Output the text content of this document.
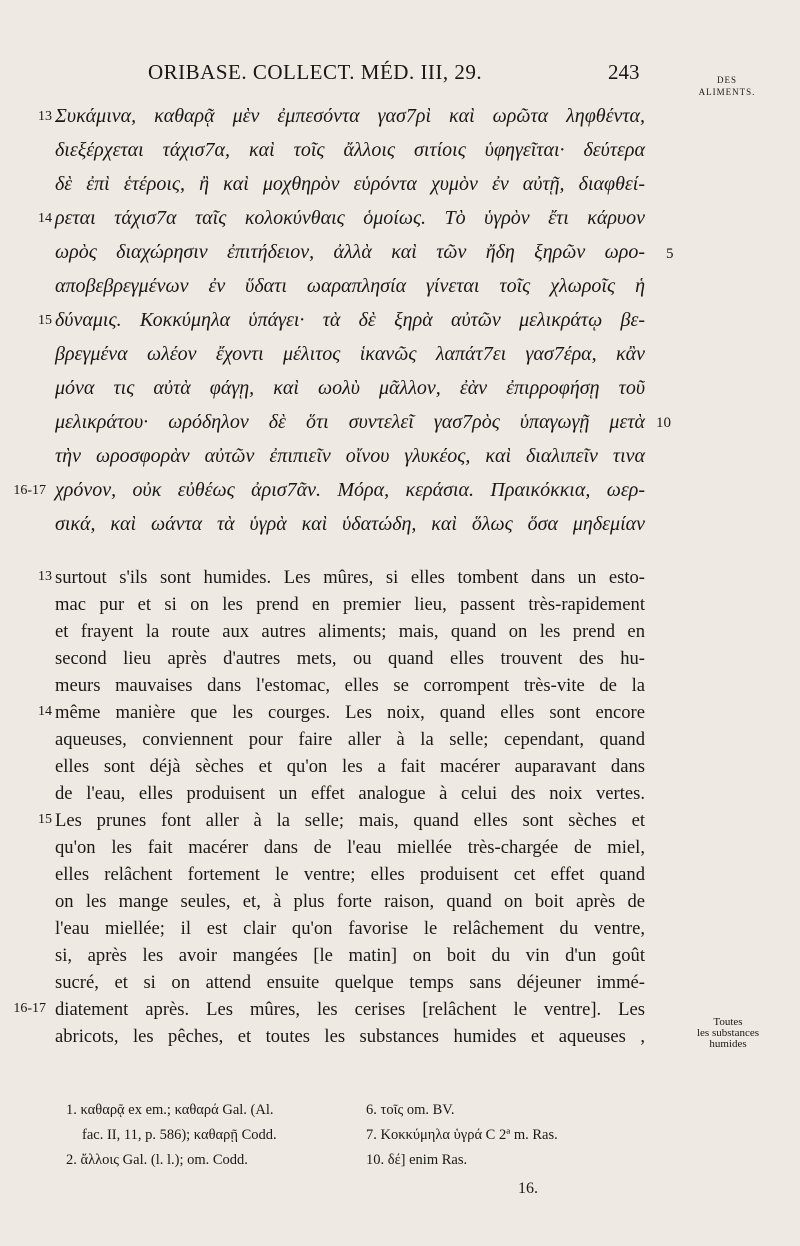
ORIBASE. COLLECT. MÉD. III, 29.	243	DES
ALIMENTS.
13 Συκάμινα, καθαρᾷ μὲν ἐμπεσόντα γασ7ρὶ καὶ ωρῶτα ληφθέντα,
διεξέρχεται τάχισ7α, καὶ τοῖς ἄλλοις σιτίοις ὑφηγεῖται· δεύτερα
δὲ ἐπὶ ἑτέροις, ἢ καὶ μοχθηρὸν εὑρόντα χυμὸν ἐν αὐτῇ, διαφθεί-
14 ρεται τάχισ7α ταῖς κολοκύνθαις ὁμοίως. Τὸ ὑγρὸν ἔτι κάρυον
ωρὸς διαχώρησιν ἐπιτήδειον, ἀλλὰ καὶ τῶν ἤδη ξηρῶν ωρο- 5
αποβεβρεγμένων ἐν ὕδατι ωαραπλησία γίνεται τοῖς χλωροῖς ἡ
15 δύναμις. Κοκκύμηλα ὑπάγει· τὰ δὲ ξηρὰ αὐτῶν μελικράτῳ βε-
βρεγμένα ωλέον ἔχοντι μέλιτος ἱκανῶς λαπάτ7ει γασ7έρα, κἂν
μόνα τις αὐτὰ φάγῃ, καὶ ωολὺ μᾶλλον, ἐὰν ἐπιρροφήσῃ τοῦ
μελικράτου· ωρόδηλον δὲ ὅτι συντελεῖ γασ7ρὸς ὑπαγωγῇ μετὰ 10
τὴν ωροσφορὰν αὐτῶν ἐπιπιεῖν οἴνου γλυκέος, καὶ διαλιπεῖν τινα
16-17 χρόνον, οὐκ εὐθέως ἀρισ7ᾶν. Μόρα, κεράσια. Πραικόκκια, ωερ-
σικά, καὶ ωάντα τὰ ὑγρὰ καὶ ὑδατώδη, καὶ ὅλως ὅσα μηδεμίαν
13 surtout s'ils sont humides. Les mûres, si elles tombent dans un esto-
mac pur et si on les prend en premier lieu, passent très-rapidement
et frayent la route aux autres aliments; mais, quand on les prend en
second lieu après d'autres mets, ou quand elles trouvent des hu-
meurs mauvaises dans l'estomac, elles se corrompent très-vite de la
14 même manière que les courges. Les noix, quand elles sont encore
aqueuses, conviennent pour faire aller à la selle; cependant, quand
elles sont déjà sèches et qu'on les a fait macérer auparavant dans
de l'eau, elles produisent un effet analogue à celui des noix vertes.
15 Les prunes font aller à la selle; mais, quand elles sont sèches et
qu'on les fait macérer dans de l'eau miellée très-chargée de miel,
elles relâchent fortement le ventre; elles produisent cet effet quand
on les mange seules, et, à plus forte raison, quand on boit après de
l'eau miellée; il est clair qu'on favorise le relâchement du ventre,
si, après les avoir mangées [le matin] on boit du vin d'un goût
sucré, et si on attend ensuite quelque temps sans déjeuner immé-
16-17 diatement après. Les mûres, les cerises [relâchent le ventre]. Les
abricots, les pêches, et toutes les substances humides et aqueuses ,
Toutes
les substances
humides
1. καθαρᾷ ex em.; καθαρά Gal. (Al.
fac. II, 11, p. 586); καθαρῇ Codd.
2. ἄλλοις Gal. (l. l.); om. Codd.
6. τοῖς om. BV.
7. Κοκκύμηλα ὑγρά C 2ª m. Ras.
10. δέ] enim Ras.
16.
